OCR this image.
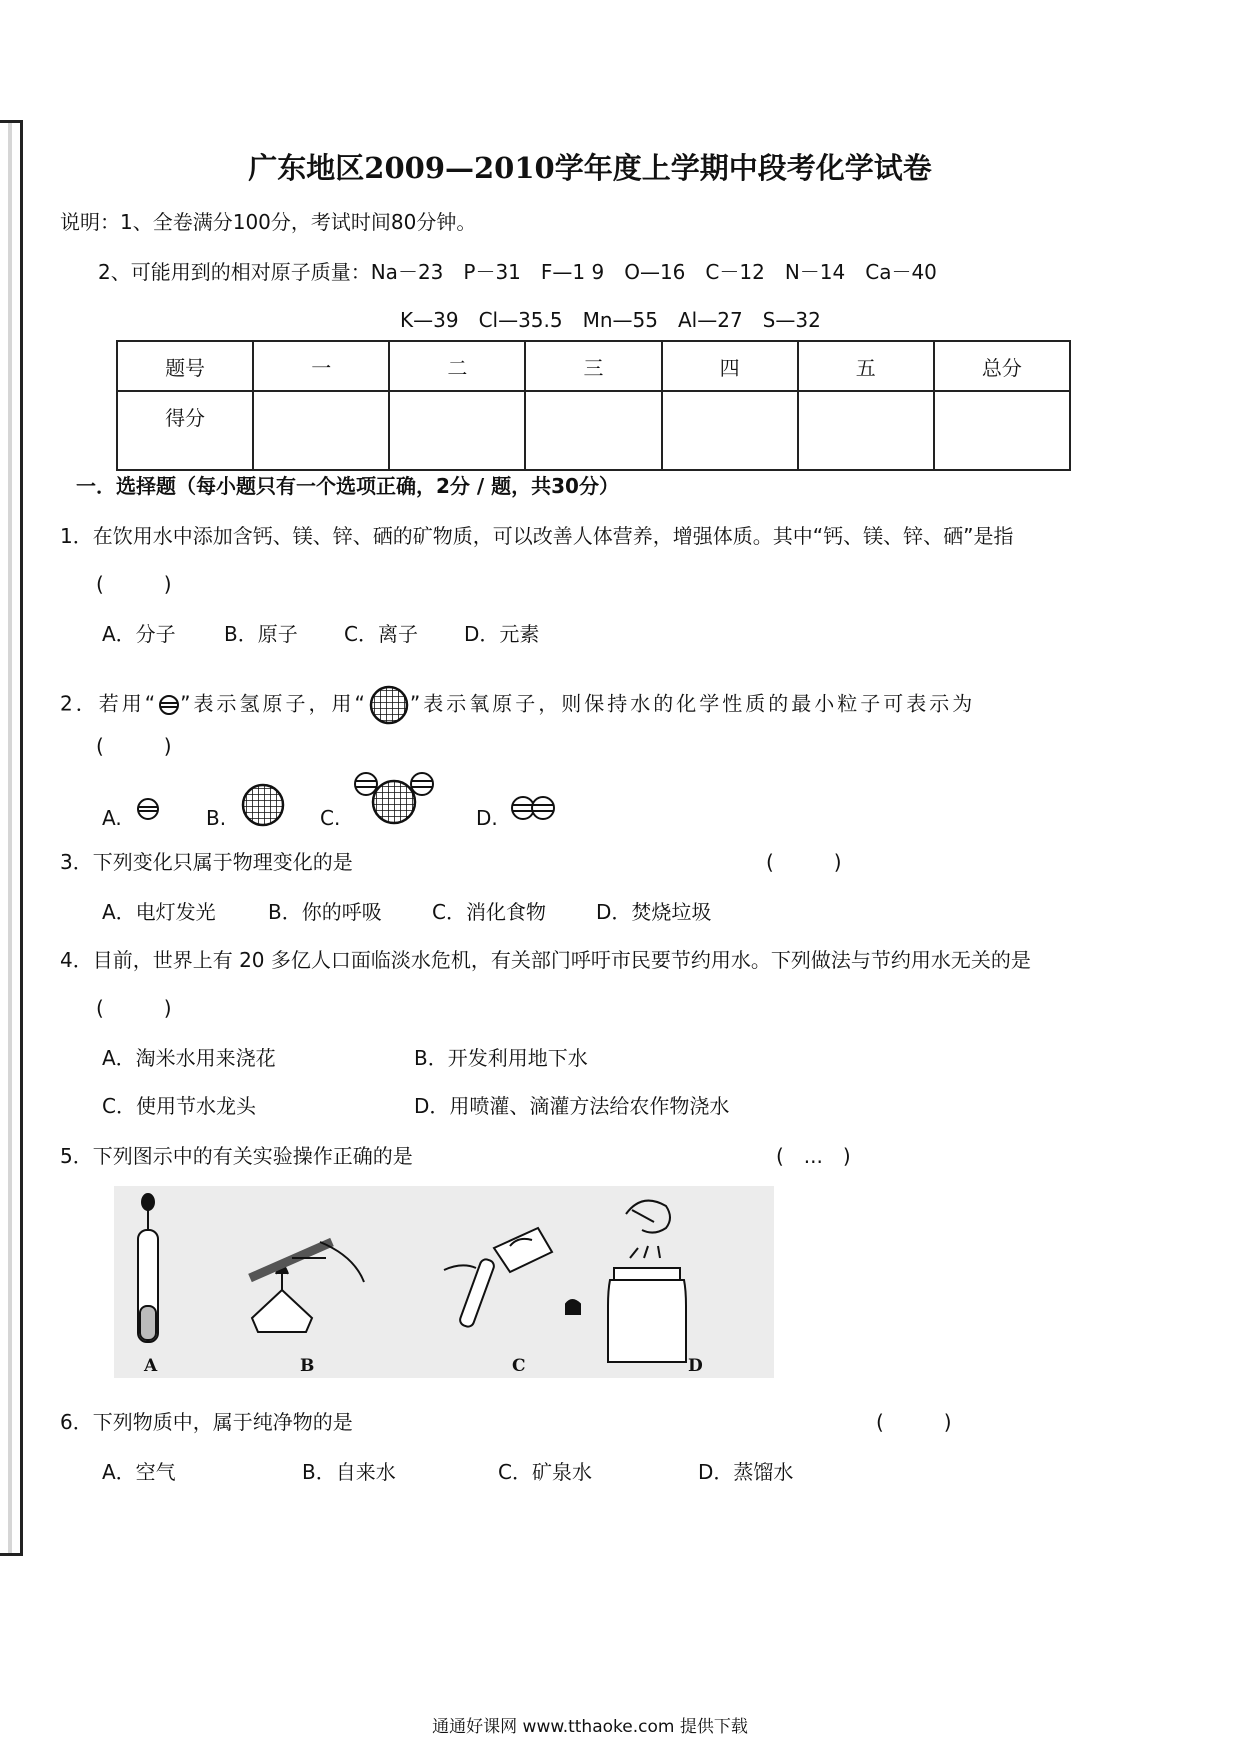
广东地区2009—2010学年度上学期中段考化学试卷
说明：1、全卷满分100分，考试时间80分钟。
2、可能用到的相对原子质量：Na－23　P－31　F—1 9　O—16　C－12　N－14　Ca－40
K—39　Cl—35.5　Mn—55　Al—27　S—32
题号	一	二	三	四	五	总分
得分						
一．选择题（每小题只有一个选项正确，2分 / 题，共30分）
1．在饮用水中添加含钙、镁、锌、硒的矿物质，可以改善人体营养，增强体质。其中“钙、镁、锌、硒”是指
(　　　)
A．分子 B．原子 C．离子 D．元素
2．若用“ ”表示氢原子，用“ ”表示氧原子，则保持水的化学性质的最小粒子可表示为
(　　　)
A.	B.	C.	D.
3．下列变化只属于物理变化的是	(　　　)
A．电灯发光	B．你的呼吸	C．消化食物	D．焚烧垃圾
4．目前，世界上有 20 多亿人口面临淡水危机，有关部门呼吁市民要节约用水。下列做法与节约用水无关的是
(　　　)
A．淘米水用来浇花	B．开发利用地下水
C．使用节水龙头	D．用喷灌、滴灌方法给农作物浇水
5．下列图示中的有关实验操作正确的是	(　...　)
A	B	C	D
6．下列物质中，属于纯净物的是	(　　　)
A．空气	B．自来水	C．矿泉水	D．蒸馏水
通通好课网 www.tthaoke.com 提供下载
